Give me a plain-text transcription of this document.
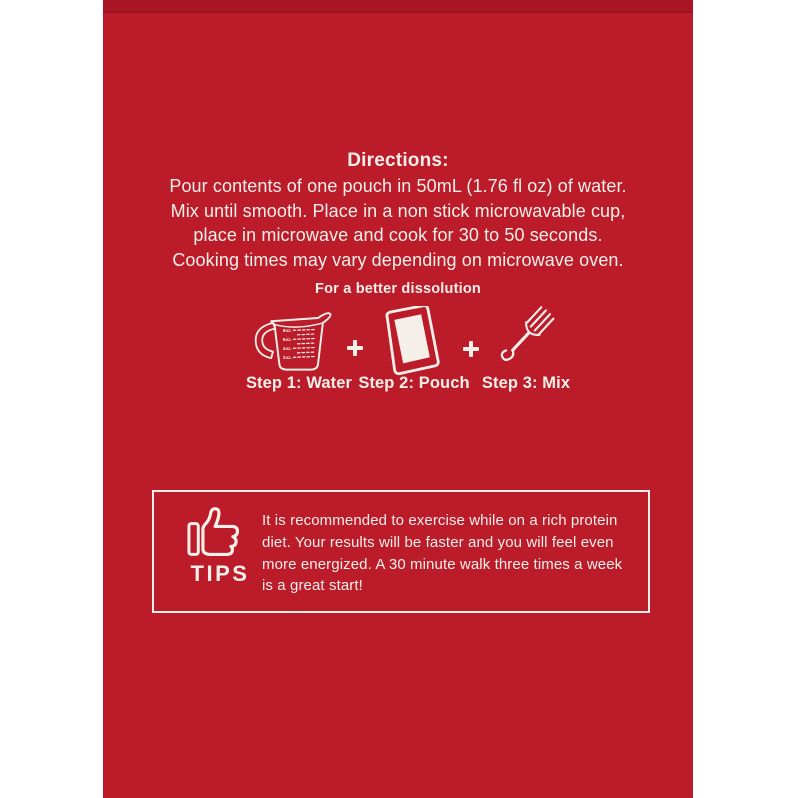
Directions:
Pour contents of one pouch in 50mL (1.76 fl oz) of water.
Mix until smooth. Place in a non stick microwavable cup,
place in microwave and cook for 30 to 50 seconds.
Cooking times may vary depending on microwave oven.
For a better dissolution
8oz.
6oz.
4oz.
2oz.
Step 1: Water Step 2: Pouch Step 3: Mix
TIPS
It is recommended to exercise while on a rich protein
diet. Your results will be faster and you will feel even
more energized. A 30 minute walk three times a week
is a great start!
